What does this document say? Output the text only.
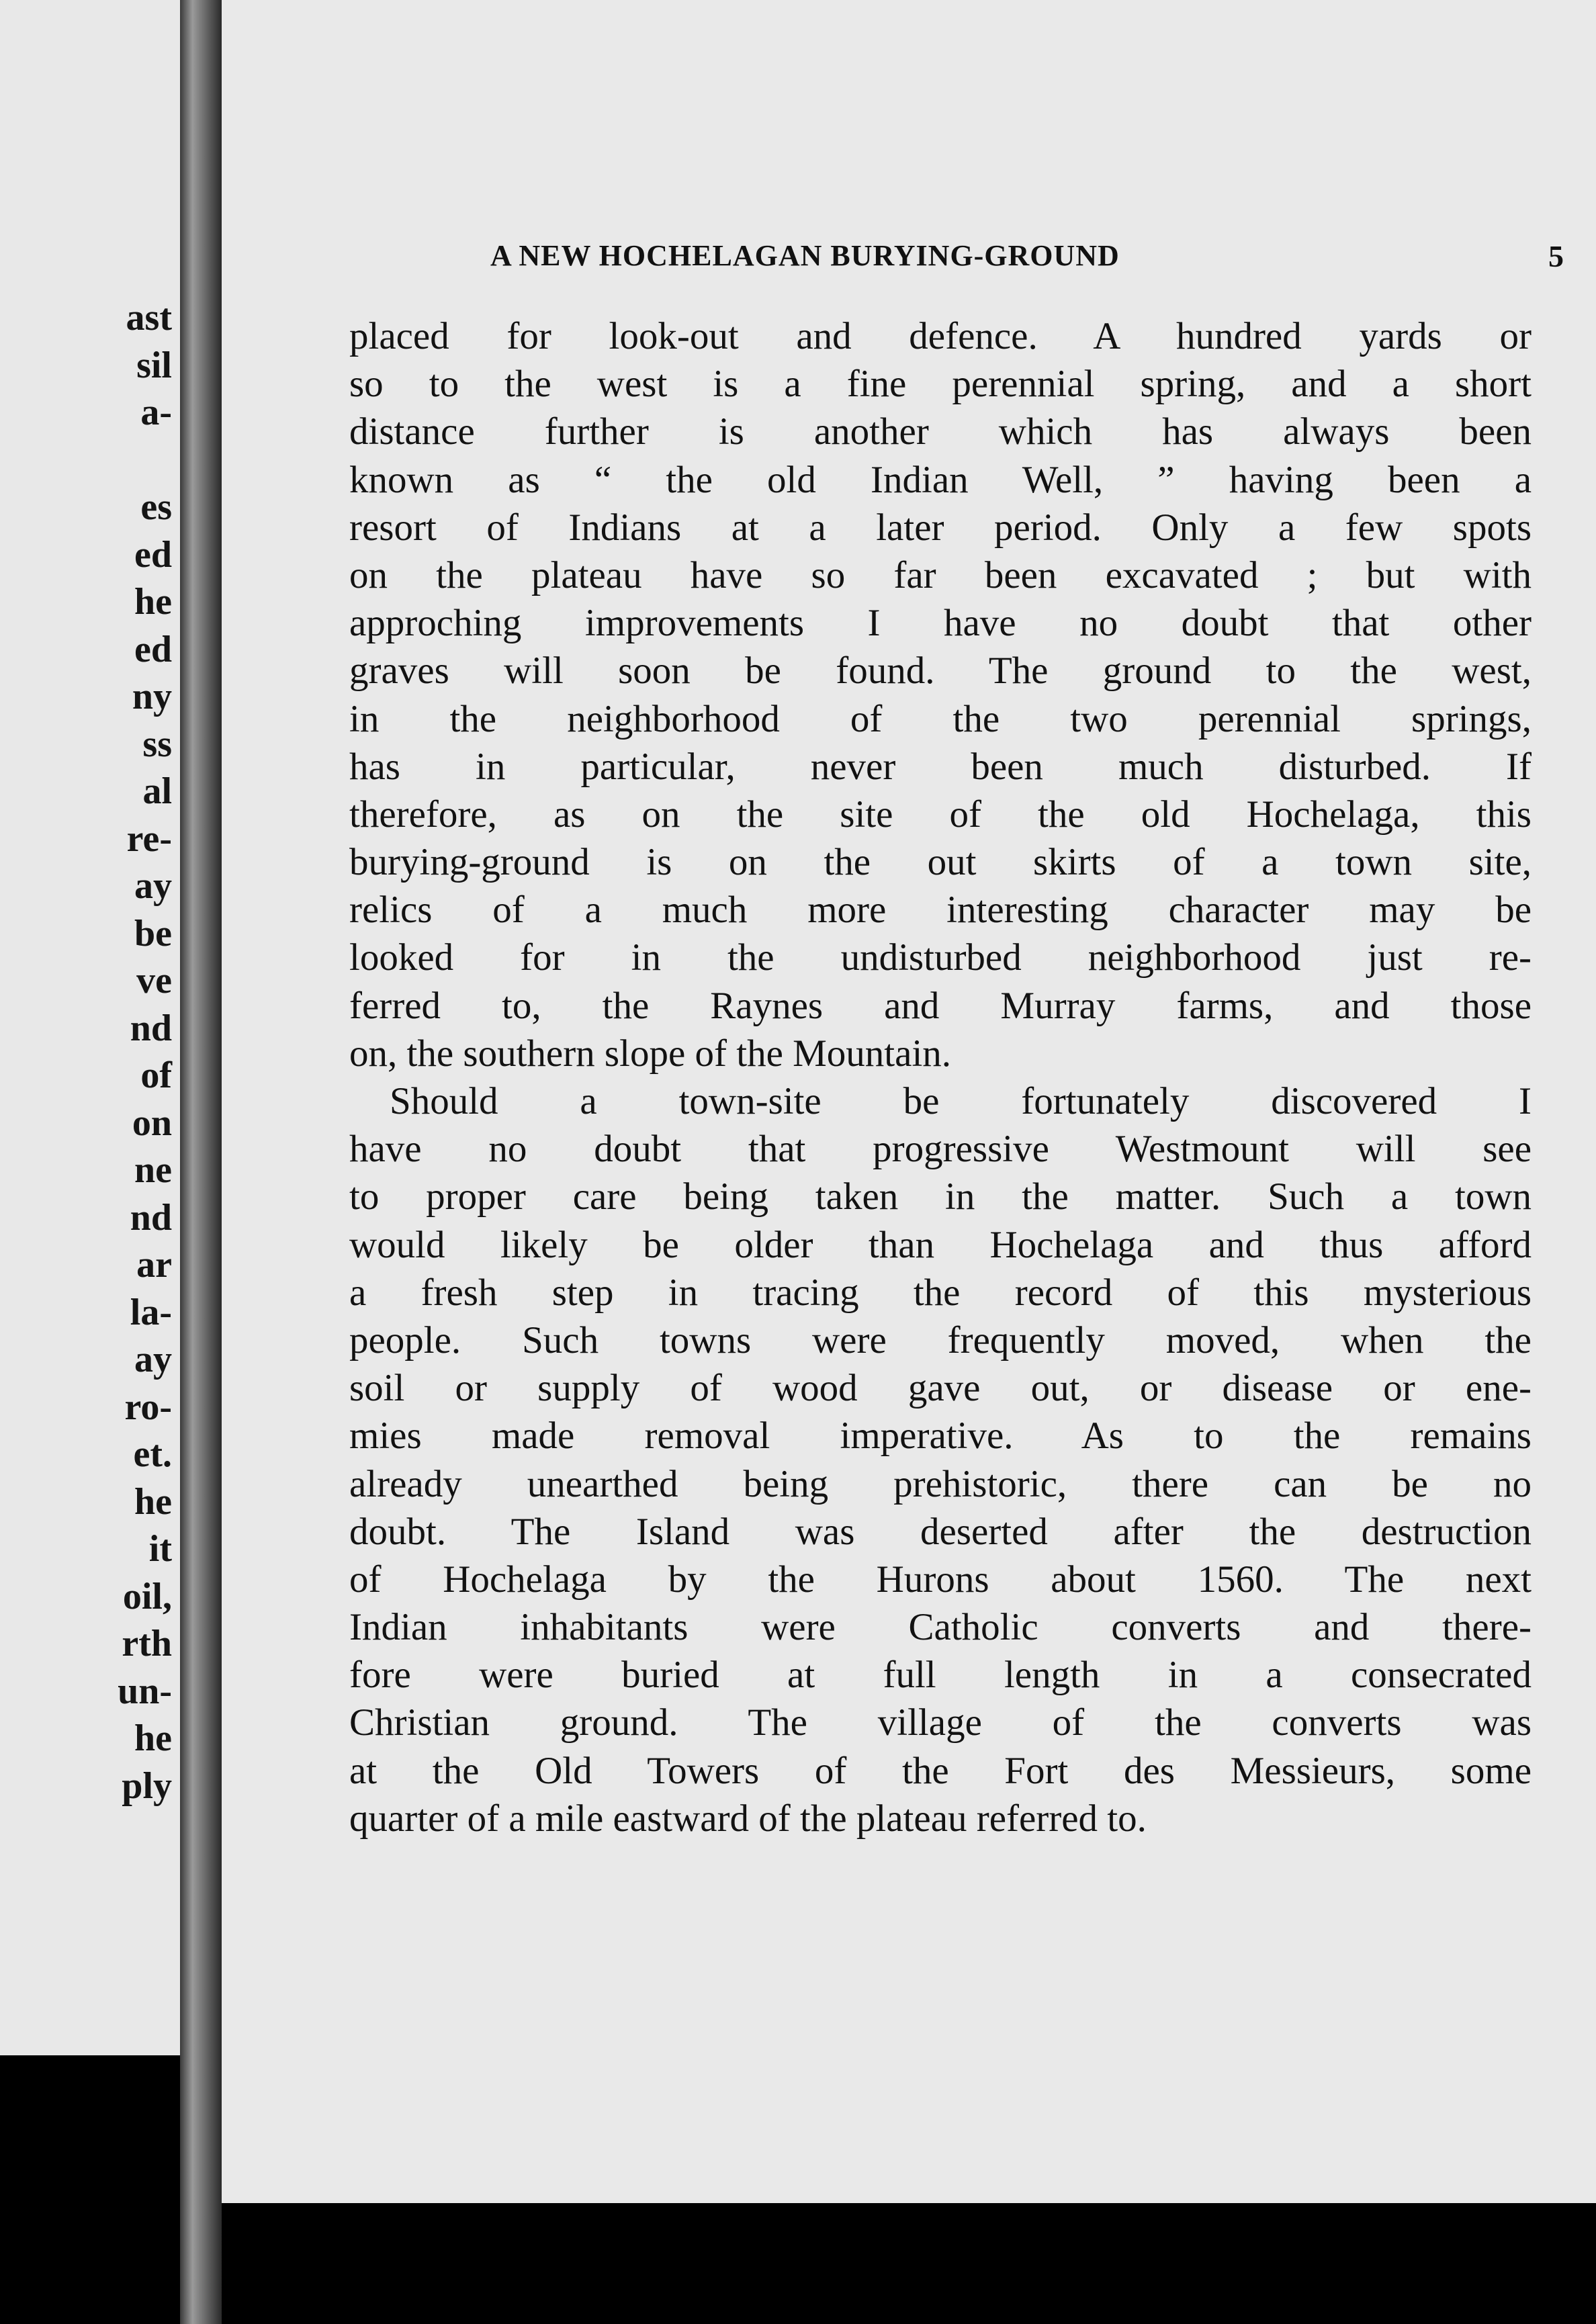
ast
sil
a-
es
ed
he
ed
ny
ss
al
re-
ay
be
ve
nd
of
on
ne
nd
ar
la-
ay
ro-
et.
he
it
oil,
rth
un-
he
ply
A NEW HOCHELAGAN BURYING-GROUND	5
placed for look-out and defence. A hundred yards or
so to the west is a fine perennial spring, and a short
distance further is another which has always been
known as “ the old Indian Well, ” having been a
resort of Indians at a later period. Only a few spots
on the plateau have so far been excavated ; but with
approching improvements I have no doubt that other
graves will soon be found. The ground to the west,
in the neighborhood of the two perennial springs,
has in particular, never been much disturbed. If
therefore, as on the site of the old Hochelaga, this
burying-ground is on the out skirts of a town site,
relics of a much more interesting character may be
looked for in the undisturbed neighborhood just re-
ferred to, the Raynes and Murray farms, and those
on, the southern slope of the Mountain.
Should a town-site be fortunately discovered I
have no doubt that progressive Westmount will see
to proper care being taken in the matter. Such a town
would likely be older than Hochelaga and thus afford
a fresh step in tracing the record of this mysterious
people. Such towns were frequently moved, when the
soil or supply of wood gave out, or disease or ene-
mies made removal imperative. As to the remains
already unearthed being prehistoric, there can be no
doubt. The Island was deserted after the destruction
of Hochelaga by the Hurons about 1560. The next
Indian inhabitants were Catholic converts and there-
fore were buried at full length in a consecrated
Christian ground. The village of the converts was
at the Old Towers of the Fort des Messieurs, some
quarter of a mile eastward of the plateau referred to.
